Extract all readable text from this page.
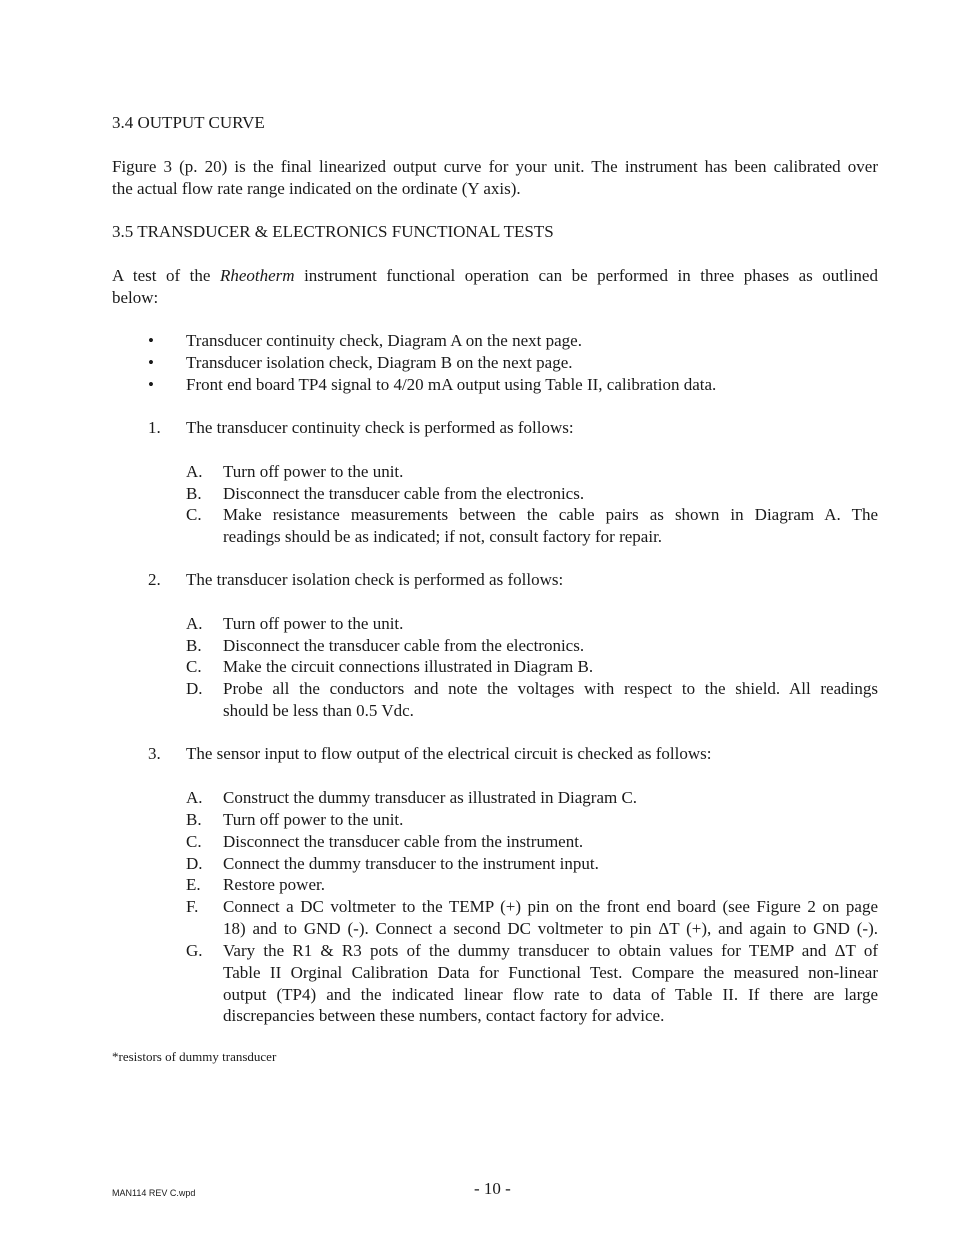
3.4 OUTPUT CURVE
Figure 3 (p. 20) is the final linearized output curve for your unit. The instrument has been calibrated over
the actual flow rate range indicated on the ordinate (Y axis).
3.5 TRANSDUCER & ELECTRONICS FUNCTIONAL TESTS
A test of the Rheotherm instrument functional operation can be performed in three phases as outlined
below:
• Transducer continuity check, Diagram A on the next page.
• Transducer isolation check, Diagram B on the next page.
• Front end board TP4 signal to 4/20 mA output using Table II, calibration data.
1. The transducer continuity check is performed as follows:
A. Turn off power to the unit.
B. Disconnect the transducer cable from the electronics.
C. Make resistance measurements between the cable pairs as shown in Diagram A. The
readings should be as indicated; if not, consult factory for repair.
2. The transducer isolation check is performed as follows:
A. Turn off power to the unit.
B. Disconnect the transducer cable from the electronics.
C. Make the circuit connections illustrated in Diagram B.
D. Probe all the conductors and note the voltages with respect to the shield. All readings
should be less than 0.5 Vdc.
3. The sensor input to flow output of the electrical circuit is checked as follows:
A. Construct the dummy transducer as illustrated in Diagram C.
B. Turn off power to the unit.
C. Disconnect the transducer cable from the instrument.
D. Connect the dummy transducer to the instrument input.
E. Restore power.
F. Connect a DC voltmeter to the TEMP (+) pin on the front end board (see Figure 2 on page
18) and to GND (-). Connect a second DC voltmeter to pin ΔT (+), and again to GND (-).
G. Vary the R1 & R3 pots of the dummy transducer to obtain values for TEMP and ΔT of
Table II Orginal Calibration Data for Functional Test. Compare the measured non-linear
output (TP4) and the indicated linear flow rate to data of Table II. If there are large
discrepancies between these numbers, contact factory for advice.
*resistors of dummy transducer
MAN114 REV C.wpd	- 10 -
